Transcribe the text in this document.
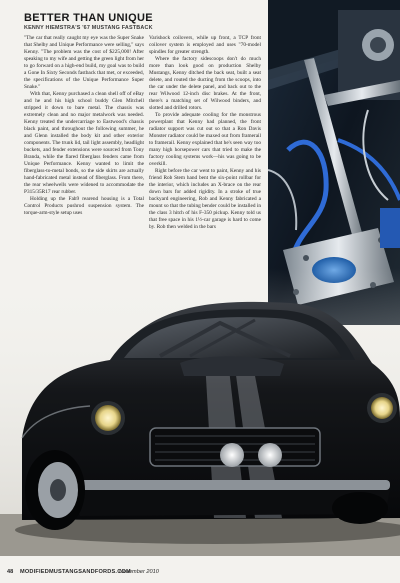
BETTER THAN UNIQUE
KENNY HIEMSTRA'S '67 MUSTANG FASTBACK

"The car that really caught my eye was the Super Snake that Shelby and Unique Performance were selling," says Kenny. "The problem was the cost of $225,000! After speaking to my wife and getting the green light from her to go forward on a high-end build, my goal was to build a Gone In Sixty Seconds fastback that met, or exceeded, the specifications of the Unique Performance Super Snake."

With that, Kenny purchased a clean shell off of eBay and he and his high school buddy Glen Mitchell stripped it down to bare metal. The chassis was extremely clean and no major metalwork was needed. Kenny treated the undercarriage to Eastwood's chassis black paint, and throughout the following summer, he and Glenn installed the body kit and other exterior components. The trunk lid, tail light assembly, headlight buckets, and fender extensions were sourced from Tony Branda, while the flared fiberglass fenders came from Unique Performance. Kenny wanted to limit the fiberglass-to-metal bonds, so the side skirts are actually hand-fabricated metal instead of fiberglass. From there, the rear wheelwells were widened to accommodate the P315/35R17 rear rubber.

Holding up the Fab9 rearend housing is a Total Control Products pushrod suspension system. The torque-arm-style setup uses

Varishock coilovers, while up front, a TCP front coilover system is employed and uses "70-model spindles for greater strength.

Where the factory sidescoops don't do much more than look good on production Shelby Mustangs, Kenny ditched the back seat, built a seat delete, and routed the ducting from the scoops, into the car under the delete panel, and back out to the rear Wilwood 12-inch disc brakes. At the front, there's a matching set of Wilwood binders, and slotted and drilled rotors.

To provide adequate cooling for the monstrous powerplant that Kenny had planned, the front radiator support was cut out so that a Ron Davis Monster radiator could be maxed out from framerail to framerail. Kenny explained that he's seen way too many high horsepower cars that tried to make the factory cooling systems work—his was going to be overkill.

Right before the car went to paint, Kenny and his friend Rob Stem hand bent the six-point rollbar for the interior, which includes an X-brace on the rear down bars for added rigidity. In a stroke of true backyard engineering, Rob and Kenny fabricated a mount so that the tubing bender could be installed in the class 3 hitch of his F-350 pickup. Kenny told us that free space in his 1½-car garage is hard to come by. Rob then welded in the bars

48 MODIFIEDMUSTANGSANDFORDS.COM
November 2010
